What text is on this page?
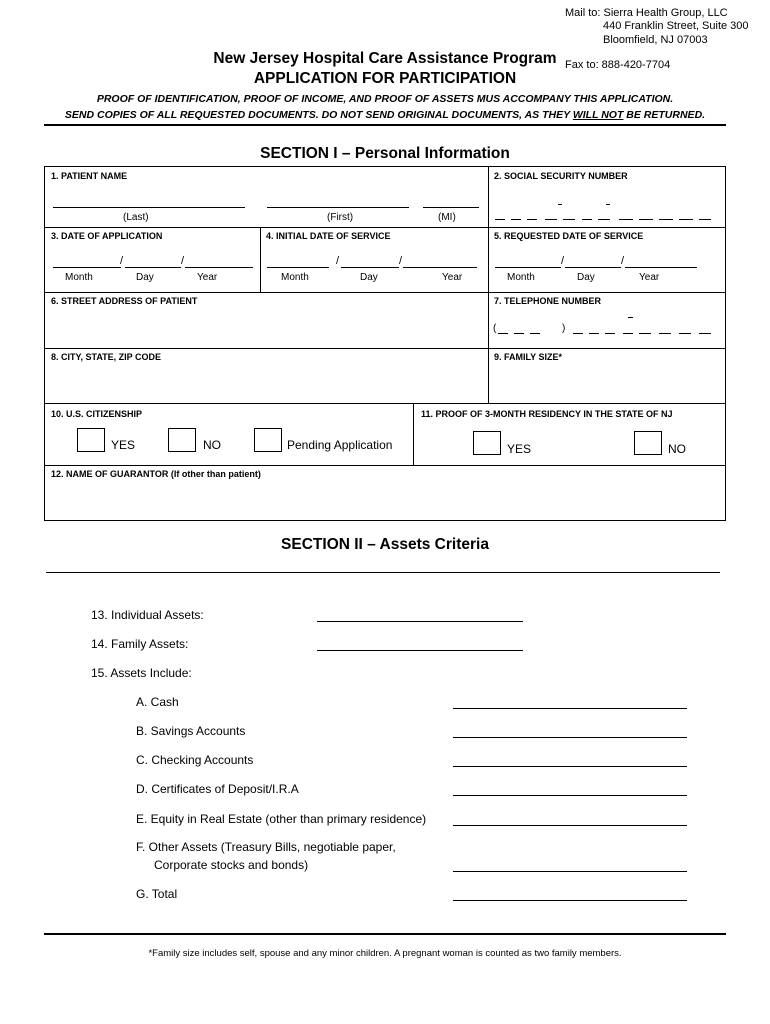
Mail to: Sierra Health Group, LLC
440 Franklin Street, Suite 300
Bloomfield, NJ 07003
Fax to: 888-420-7704
New Jersey Hospital Care Assistance Program
APPLICATION FOR PARTICIPATION
PROOF OF IDENTIFICATION, PROOF OF INCOME, AND PROOF OF ASSETS MUS ACCOMPANY THIS APPLICATION.
SEND COPIES OF ALL REQUESTED DOCUMENTS. DO NOT SEND ORIGINAL DOCUMENTS, AS THEY WILL NOT BE RETURNED.
SECTION I – Personal Information
1. PATIENT NAME
(Last)	(First)	(MI)
2. SOCIAL SECURITY NUMBER
3. DATE OF APPLICATION
/	/
Month	Day	Year
4. INITIAL DATE OF SERVICE
/	/
Month	Day	Year
5. REQUESTED DATE OF SERVICE
/	/
Month	Day	Year
6. STREET ADDRESS OF PATIENT	7. TELEPHONE NUMBER
(	)
8. CITY, STATE, ZIP CODE	9. FAMILY SIZE*
10. U.S. CITIZENSHIP
YES	NO	Pending Application
11. PROOF OF 3-MONTH RESIDENCY IN THE STATE OF NJ
YES	NO
12. NAME OF GUARANTOR (If other than patient)
SECTION II – Assets Criteria
13. Individual Assets:
14. Family Assets:
15. Assets Include:
A. Cash
B. Savings Accounts
C. Checking Accounts
D. Certificates of Deposit/I.R.A
E. Equity in Real Estate (other than primary residence)
F. Other Assets (Treasury Bills, negotiable paper,
Corporate stocks and bonds)
G. Total
*Family size includes self, spouse and any minor children. A pregnant woman is counted as two family members.
